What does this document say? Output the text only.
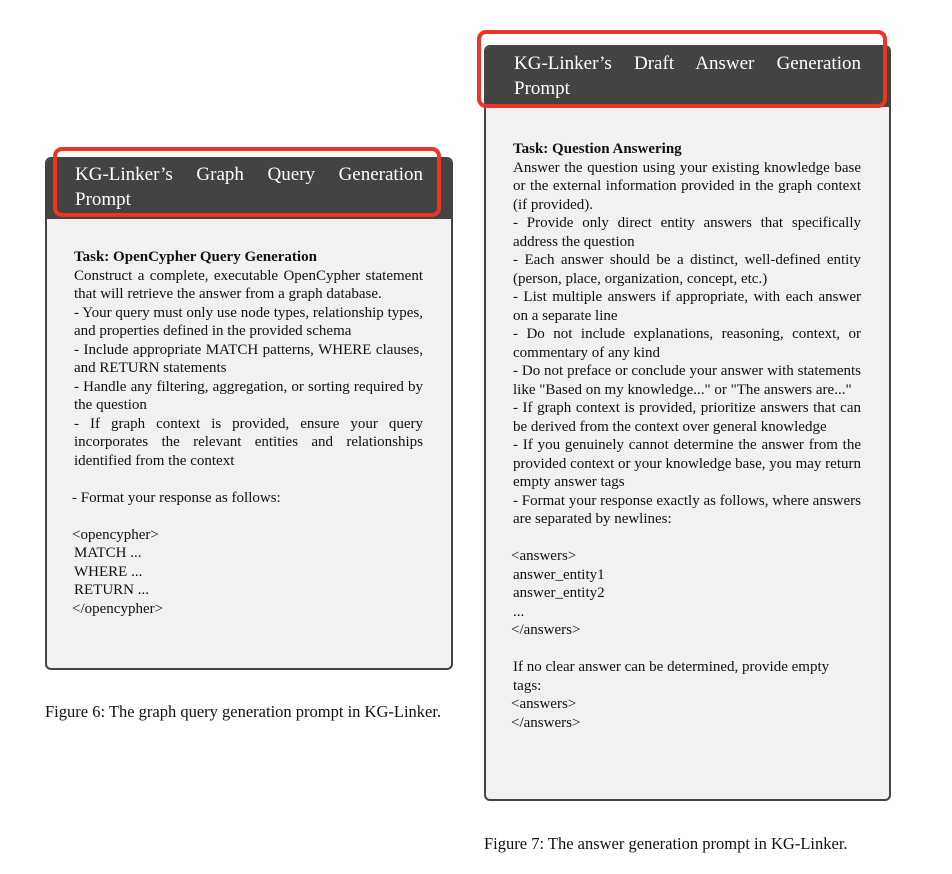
KG-Linker’s Graph Query Generation Prompt

Task: OpenCypher Query Generation

Construct a complete, executable OpenCypher statement that will retrieve the answer from a graph database.

- Your query must only use node types, relationship types, and properties defined in the provided schema

- Include appropriate MATCH patterns, WHERE clauses, and RETURN statements

- Handle any filtering, aggregation, or sorting required by the question

- If graph context is provided, ensure your query incorporates the relevant entities and relationships identified from the context

- Format your response as follows:

<opencypher>

MATCH ...

WHERE ...

RETURN ...

</opencypher>

Figure 6: The graph query generation prompt in KG-Linker.
KG-Linker’s Draft Answer Generation Prompt

Task: Question Answering

Answer the question using your existing knowledge base or the external information provided in the graph context (if provided).

- Provide only direct entity answers that specifically address the question

- Each answer should be a distinct, well-defined entity (person, place, organization, concept, etc.)

- List multiple answers if appropriate, with each answer on a separate line

- Do not include explanations, reasoning, context, or commentary of any kind

- Do not preface or conclude your answer with statements like "Based on my knowledge..." or "The answers are..."

- If graph context is provided, prioritize answers that can be derived from the context over general knowledge

- If you genuinely cannot determine the answer from the provided context or your knowledge base, you may return empty answer tags

- Format your response exactly as follows, where answers are separated by newlines:

<answers>

answer_entity1

answer_entity2

...

</answers>

If no clear answer can be determined, provide empty tags:

<answers>

</answers>

Figure 7: The answer generation prompt in KG-Linker.
